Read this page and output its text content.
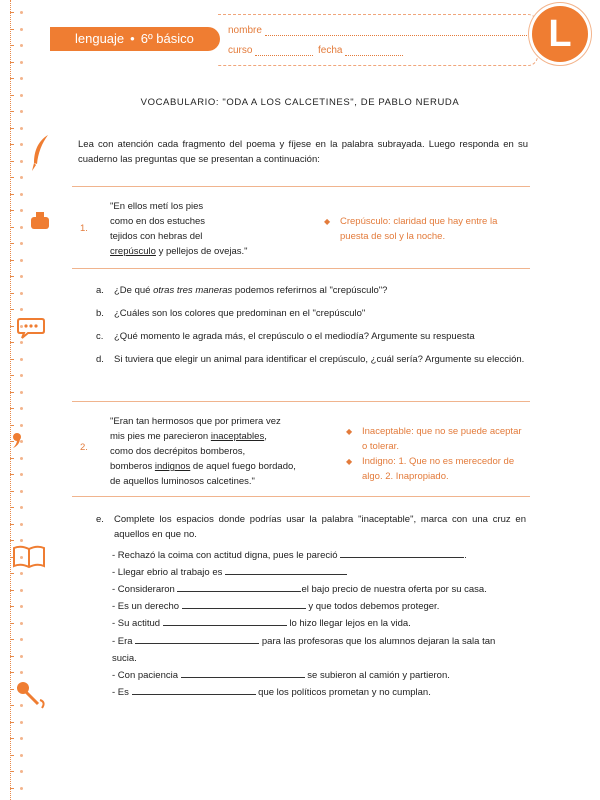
lenguaje • 6º básico
nombre
curso	fecha	L
VOCABULARIO: "ODA A LOS CALCETINES", DE PABLO NERUDA
Lea con atención cada fragmento del poema y fíjese en la palabra subrayada. Luego responda en su cuaderno las preguntas que se presentan a continuación:
1.
"En ellos metí los pies
como en dos estuches
tejidos con hebras del
crepúsculo y pellejos de ovejas."
◆ Crepúsculo: claridad que hay entre la puesta de sol y la noche.
a. ¿De qué otras tres maneras podemos referirnos al "crepúsculo"?
b. ¿Cuáles son los colores que predominan en el "crepúsculo"
c. ¿Qué momento le agrada más, el crepúsculo o el mediodía? Argumente su respuesta
d. Si tuviera que elegir un animal para identificar el crepúsculo, ¿cuál sería? Argumente su elección.
2.
"Eran tan hermosos que por primera vez
mis pies me parecieron inaceptables,
como dos decrépitos bomberos,
bomberos indignos de aquel fuego bordado,
de aquellos luminosos calcetines."
◆ Inaceptable: que no se puede aceptar o tolerar.
◆ Indigno: 1. Que no es merecedor de algo. 2. Inapropiado.
e. Complete los espacios donde podrías usar la palabra "inaceptable", marca con una cruz en aquellos en que no.
- Rechazó la coima con actitud digna, pues le pareció	.
- Llegar ebrio al trabajo es
- Consideraron	el bajo precio de nuestra oferta por su casa.
- Es un derecho	y que todos debemos proteger.
- Su actitud	lo hizo llegar lejos en la vida.
- Era	para las profesoras que los alumnos dejaran la sala tan sucia.
- Con paciencia	se subieron al camión y partieron.
- Es	que los políticos prometan y no cumplan.
